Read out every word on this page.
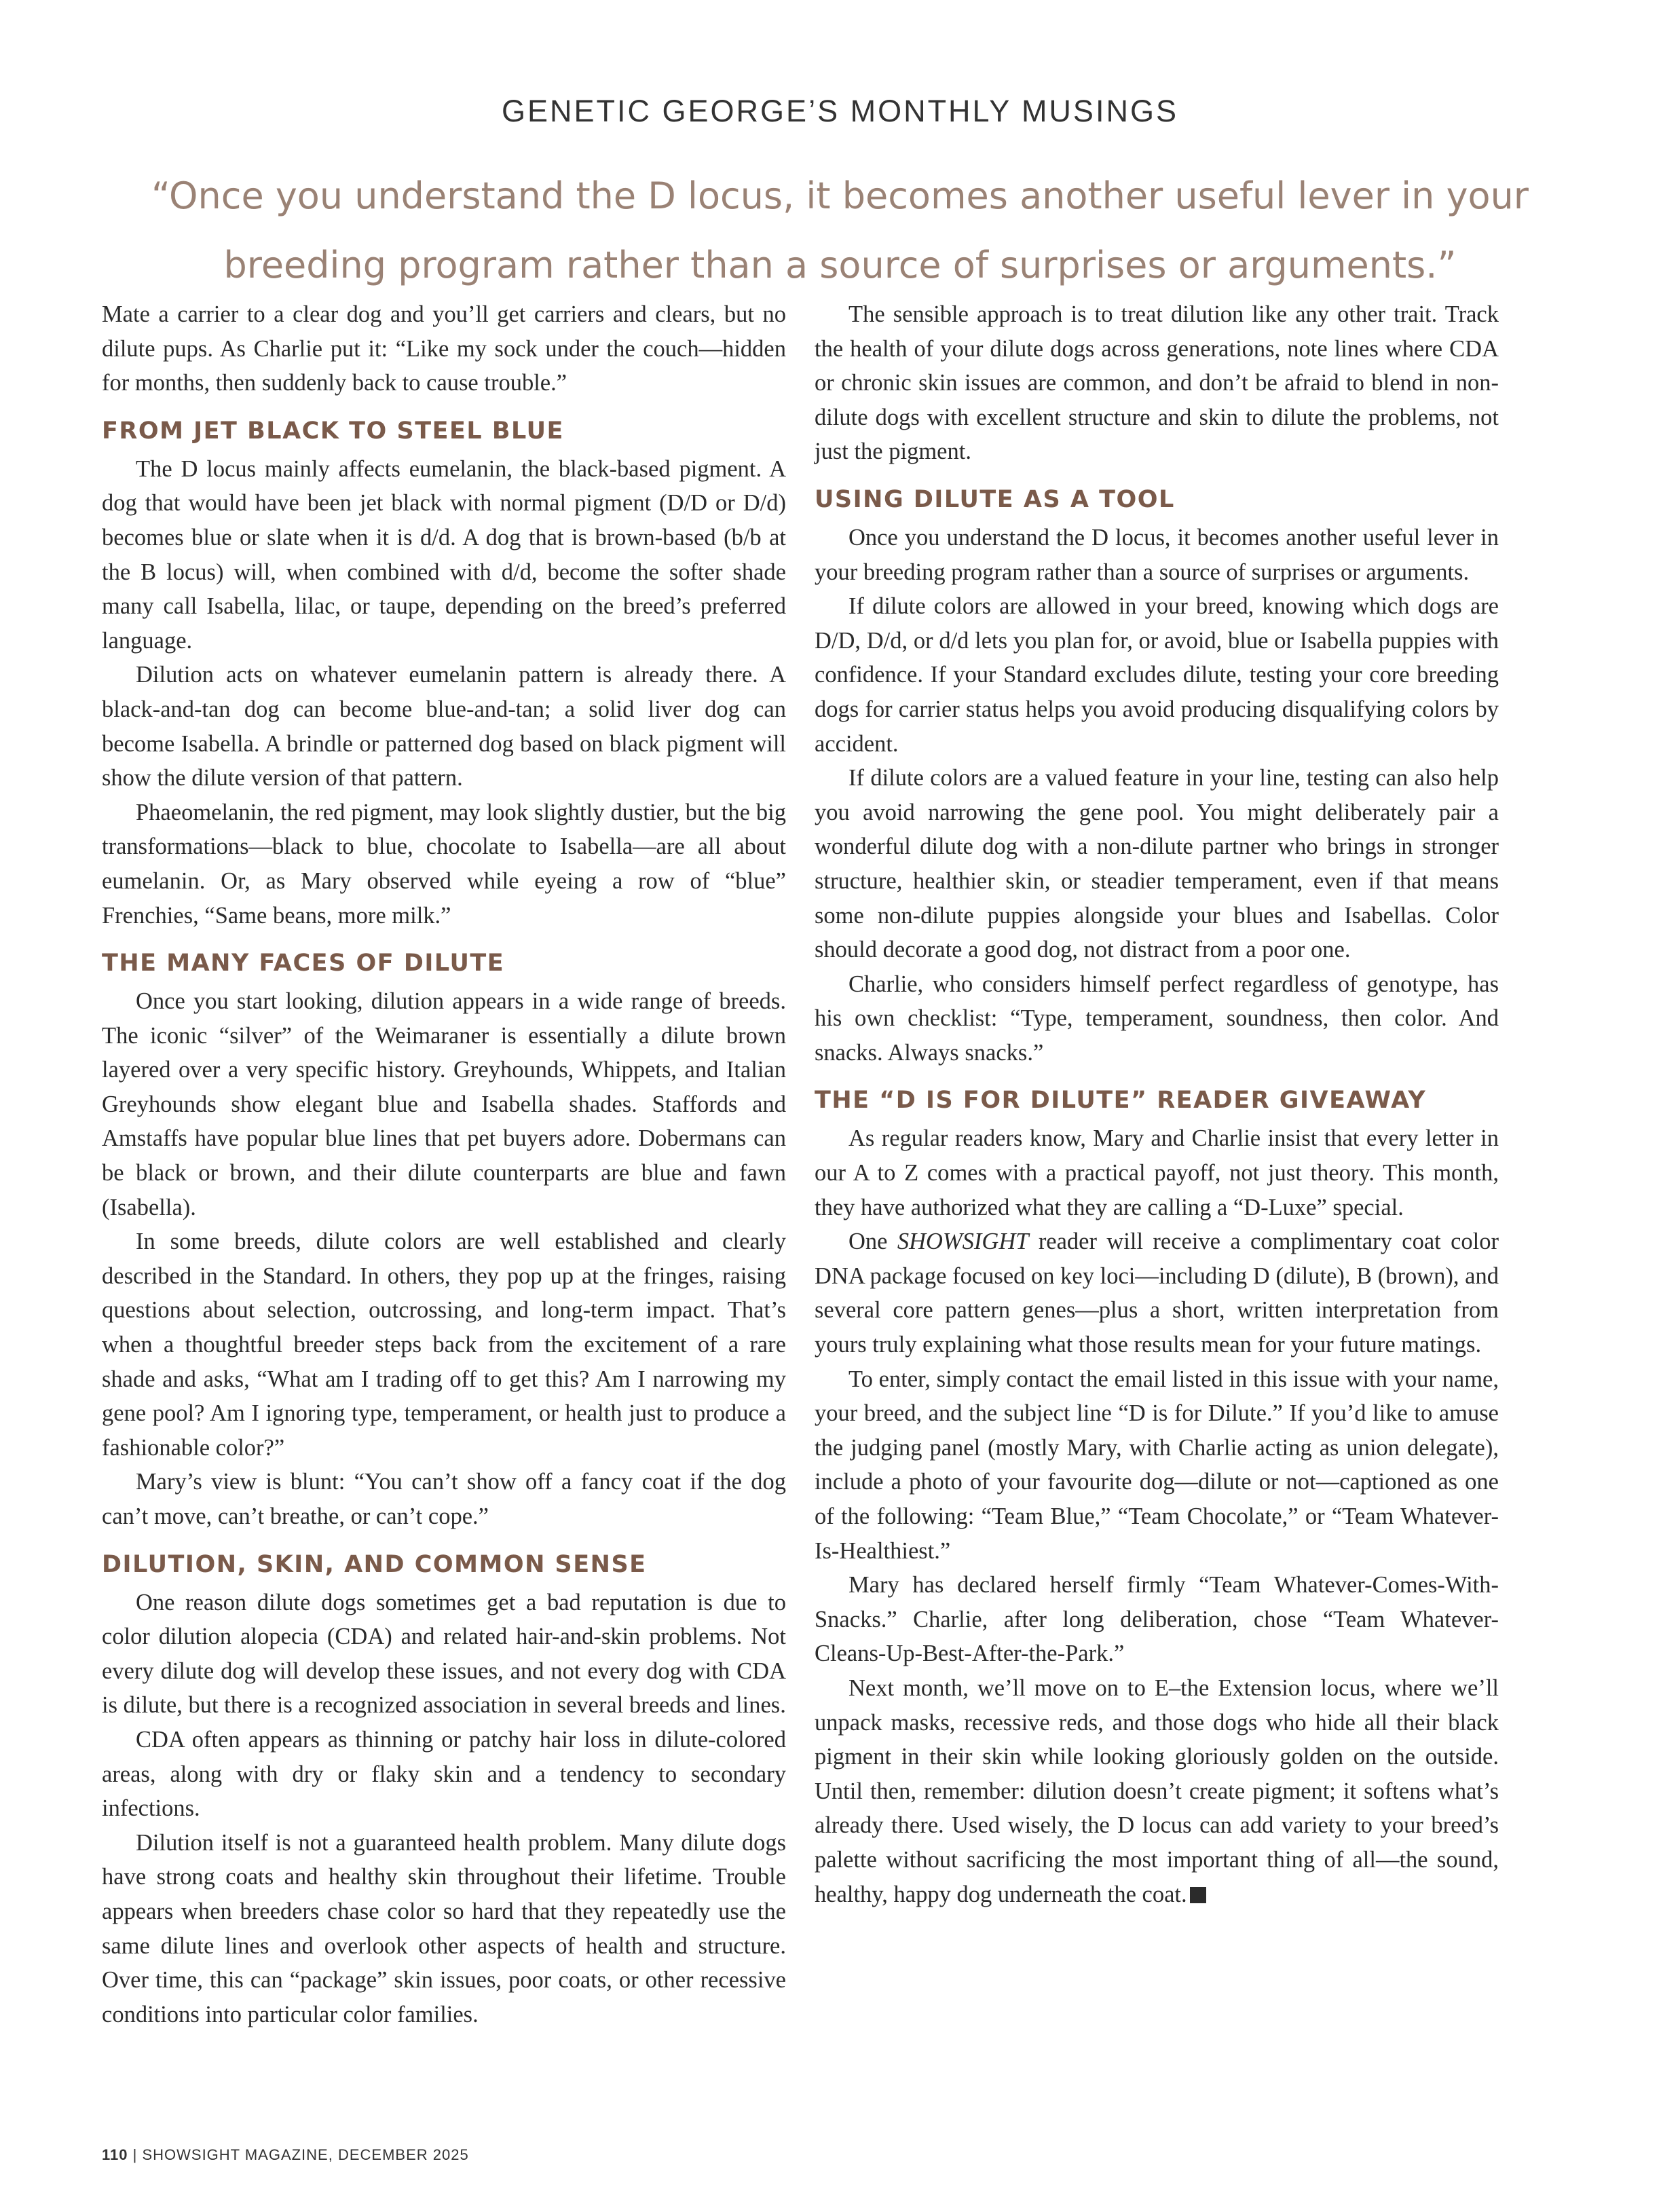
GENETIC GEORGE’S MONTHLY MUSINGS

“Once you understand the D locus, it becomes another useful lever in your breeding program rather than a source of surprises or arguments.”

Mate a carrier to a clear dog and you’ll get carriers and clears, but no dilute pups. As Charlie put it: “Like my sock under the couch—hidden for months, then suddenly back to cause trouble.”

FROM JET BLACK TO STEEL BLUE

The D locus mainly affects eumelanin, the black-based pigment. A dog that would have been jet black with normal pigment (D/D or D/d) becomes blue or slate when it is d/d. A dog that is brown-based (b/b at the B locus) will, when combined with d/d, become the softer shade many call Isabella, lilac, or taupe, depending on the breed’s preferred language.

Dilution acts on whatever eumelanin pattern is already there. A black-and-tan dog can become blue-and-tan; a solid liver dog can become Isabella. A brindle or patterned dog based on black pigment will show the dilute version of that pattern.

Phaeomelanin, the red pigment, may look slightly dustier, but the big transformations—black to blue, chocolate to Isabella—are all about eumelanin. Or, as Mary observed while eyeing a row of “blue” Frenchies, “Same beans, more milk.”

THE MANY FACES OF DILUTE

Once you start looking, dilution appears in a wide range of breeds. The iconic “silver” of the Weimaraner is essentially a dilute brown layered over a very specific history. Greyhounds, Whippets, and Italian Greyhounds show elegant blue and Isabella shades. Staffords and Amstaffs have popular blue lines that pet buyers adore. Dobermans can be black or brown, and their dilute counterparts are blue and fawn (Isabella).

In some breeds, dilute colors are well established and clearly described in the Standard. In others, they pop up at the fringes, raising questions about selection, outcrossing, and long-term impact. That’s when a thoughtful breeder steps back from the excitement of a rare shade and asks, “What am I trading off to get this? Am I narrowing my gene pool? Am I ignoring type, temperament, or health just to produce a fashionable color?”

Mary’s view is blunt: “You can’t show off a fancy coat if the dog can’t move, can’t breathe, or can’t cope.”

DILUTION, SKIN, AND COMMON SENSE

One reason dilute dogs sometimes get a bad reputation is due to color dilution alopecia (CDA) and related hair-and-skin problems. Not every dilute dog will develop these issues, and not every dog with CDA is dilute, but there is a recognized association in several breeds and lines.

CDA often appears as thinning or patchy hair loss in dilute-colored areas, along with dry or flaky skin and a tendency to secondary infections.

Dilution itself is not a guaranteed health problem. Many dilute dogs have strong coats and healthy skin throughout their lifetime. Trouble appears when breeders chase color so hard that they repeatedly use the same dilute lines and overlook other aspects of health and structure. Over time, this can “package” skin issues, poor coats, or other recessive conditions into particular color families.

The sensible approach is to treat dilution like any other trait. Track the health of your dilute dogs across generations, note lines where CDA or chronic skin issues are common, and don’t be afraid to blend in non-dilute dogs with excellent structure and skin to dilute the problems, not just the pigment.

USING DILUTE AS A TOOL

Once you understand the D locus, it becomes another useful lever in your breeding program rather than a source of surprises or arguments.

If dilute colors are allowed in your breed, knowing which dogs are D/D, D/d, or d/d lets you plan for, or avoid, blue or Isabella puppies with confidence. If your Standard excludes dilute, testing your core breeding dogs for carrier status helps you avoid producing disqualifying colors by accident.

If dilute colors are a valued feature in your line, testing can also help you avoid narrowing the gene pool. You might deliberately pair a wonderful dilute dog with a non-dilute partner who brings in stronger structure, healthier skin, or steadier temperament, even if that means some non-dilute puppies alongside your blues and Isabellas. Color should decorate a good dog, not distract from a poor one.

Charlie, who considers himself perfect regardless of genotype, has his own checklist: “Type, temperament, soundness, then color. And snacks. Always snacks.”

THE “D IS FOR DILUTE” READER GIVEAWAY

As regular readers know, Mary and Charlie insist that every letter in our A to Z comes with a practical payoff, not just theory. This month, they have authorized what they are calling a “D-Luxe” special.

One SHOWSIGHT reader will receive a complimentary coat color DNA package focused on key loci—including D (dilute), B (brown), and several core pattern genes—plus a short, written interpretation from yours truly explaining what those results mean for your future matings.

To enter, simply contact the email listed in this issue with your name, your breed, and the subject line “D is for Dilute.” If you’d like to amuse the judging panel (mostly Mary, with Charlie acting as union delegate), include a photo of your favourite dog—dilute or not—captioned as one of the following: “Team Blue,” “Team Chocolate,” or “Team Whatever-Is-Healthiest.”

Mary has declared herself firmly “Team Whatever-Comes-With-Snacks.” Charlie, after long deliberation, chose “Team Whatever-Cleans-Up-Best-After-the-Park.”

Next month, we’ll move on to E–the Extension locus, where we’ll unpack masks, recessive reds, and those dogs who hide all their black pigment in their skin while looking gloriously golden on the outside. Until then, remember: dilution doesn’t create pigment; it softens what’s already there. Used wisely, the D locus can add variety to your breed’s palette without sacrificing the most important thing of all—the sound, healthy, happy dog underneath the coat.

110 | SHOWSIGHT MAGAZINE, DECEMBER 2025
